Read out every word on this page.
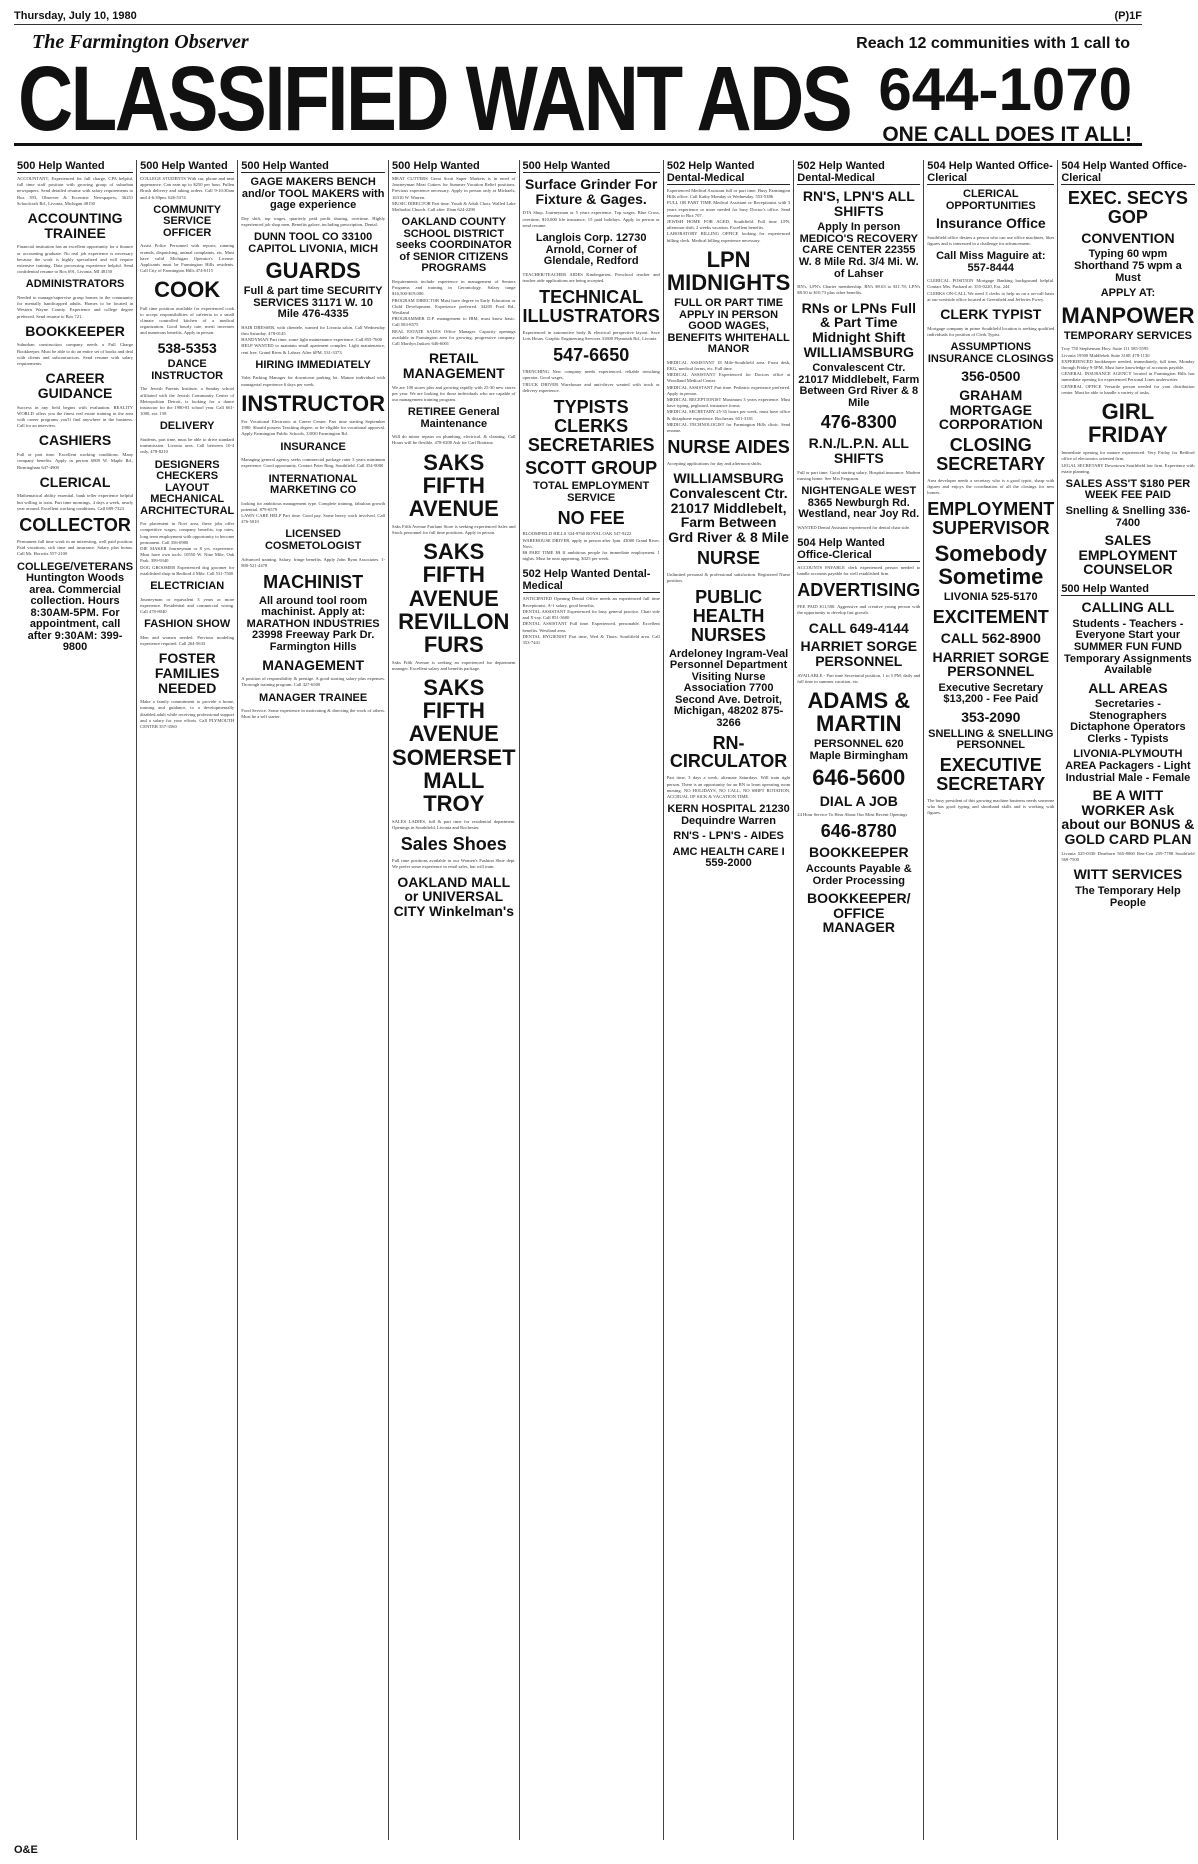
Thursday, July 10, 1980	(P)1F
The Farmington Observer
CLASSIFIED WANT ADS
Reach 12 communities with 1 call to
644-1070
ONE CALL DOES IT ALL!
500 Help Wanted
ACCOUNTANT, Experienced for full charge, CPA helpful, full time staff position with growing group of suburban newspapers. Send detailed resume with salary requirements to Box 393, Observer & Eccentric Newspapers, 36251 Schoolcraft Rd., Livonia, Michigan 48150
ACCOUNTING TRAINEE
Financial institution has an excellent opportunity for a finance or accounting graduate. No real job experience is necessary because the work is highly specialized and will require extensive training. Data processing experience helpful. Send confidential resume to Box 691, Livonia, MI 48150
ADMINISTRATORS
Needed to manage/supervise group homes in the community for mentally handicapped adults. Homes to be located in Western Wayne County. Experience and college degree preferred. Send resume to Box 721.
BOOKKEEPER
Suburban construction company needs a Full Charge Bookkeeper. Must be able to do an entire set of books and deal with clients and subcontractors. Send resume with salary requirements.
CAREER GUIDANCE
Success in any field begins with evaluation. REALITY WORLD offers you the finest real estate training in the area with career programs you'll find anywhere in the business. Call for an interview.
CASHIERS
Full or part time. Excellent working conditions. Many company benefits. Apply in person 6809 W. Maple Rd., Birmingham 647-4900
CLERICAL
Mathematical ability essential, bank teller experience helpful but willing to train. Part time mornings, 4 days a week, nearly year around. Excellent working conditions. Call 689-7323
COLLECTOR
Permanent full time work in an interesting, well paid position. Paid vacations, sick time and insurance. Salary plus bonus. Call Mr. Horwitz 557-2100
COLLEGE/VETERANS Huntington Woods area. Commercial collection. Hours 8:30AM-5PM. For appointment, call after 9:30AM: 399-9800
500 Help Wanted
COLLEGE STUDENTS With car, phone and neat appearance. Can earn up to $250 per hour. Pullen Brush delivery and taking orders. Call 9-10:30am and 4-6:30pm. 626-5374
COMMUNITY SERVICE OFFICER
Assist Police Personnel with reports, running errands, dispatching, animal complaints, etc. Must have valid Michigan Operator's License. Applicants must be Farmington Hills residents. Call City of Farmington Hills 474-6115
COOK
Full time position available for experienced cook to accept responsibilities of cafeteria in a small climate controlled kitchen of a medical organization. Good hourly rate, merit increases and numerous benefits. Apply in person.
538-5353
DANCE INSTRUCTOR
The Jewish Parents Institute, a Sunday school affiliated with the Jewish Community Center of Metropolitan Detroit, is looking for a dance instructor for the 1980-81 school year. Call 661-1000, ext. 158
DELIVERY
Students, part time, must be able to drive standard transmission. Livonia area. Call between 10-4 only, 478-8210
DESIGNERS CHECKERS LAYOUT MECHANICAL ARCHITECTURAL
For placement in Novi area, these jobs offer competitive wages, company benefits, top rates, long term employment with opportunity to become permanent. Call 356-0980
DIE MAKER Journeyman or 8 yrs. experience. Must have own tools. 10550 W. Nine Mile, Oak Park. 399-9340
DOG GROOMER Experienced dog groomer for established shop in Bedford 4 Mile. Call 531-7500
ELECTRICIAN
Journeyman or equivalent 3 years or more experience. Residential and commercial wiring. Call 478-8040
FASHION SHOW
Men and women needed. Previous modeling experience required. Call 264-5633
FOSTER FAMILIES NEEDED
Make a family commitment to provide a home, training and guidance, to a developmentally disabled adult while receiving professional support and a salary for your efforts. Call PLYMOUTH CENTER 357-3560
500 Help Wanted
GAGE MAKERS BENCH and/or TOOL MAKERS with gage experience
Day shift, top wages, quarterly paid profit sharing, overtime. Highly experienced job shop men. Benefits galore, including prescription, Dental.
DUNN TOOL CO 33100 CAPITOL LIVONIA, MICH
GUARDS
Full & part time SECURITY SERVICES 31171 W. 10 Mile 476-4335
HAIR DRESSER, with clientele, wanted for Livonia salon. Call Wednesday thru Saturday. 478-0145
HANDYMAN Part time, some light maintenance experience. Call 855-7600
HELP WANTED to maintain small apartment complex. Light maintenance, rent free. Grand River & Lahser. After 6PM. 531-3373
HIRING IMMEDIATELY
Valet Parking Manager for downtown parking lot. Mature individual with managerial experience 6 days per week.
INSTRUCTOR
For Vocational Electronic at Career Center. Part time starting September 1980. Should possess Teaching degree, or be eligible for vocational approval. Apply Farmington Public Schools, 33030 Farmington Rd.
INSURANCE
Managing general agency seeks commercial package rater 3 years minimum experience. Good opportunity. Contact Peter Ring, Southfield. Call 354-9000
INTERNATIONAL MARKETING CO
looking for ambitious management type. Complete training, fabulous growth potential. 879-6579
LAWN CARE HELP Part time. Good pay. Some heavy work involved. Call 476-5010
LICENSED COSMETOLOGIST
Advanced training. Salary, fringe benefits. Apply John Ryan Associates. 1-800-521-4478
MACHINIST
All around tool room machinist. Apply at: MARATHON INDUSTRIES 23998 Freeway Park Dr. Farmington Hills
MANAGEMENT
A position of responsibility & prestige. A good starting salary plus expenses. Thorough training program. Call 427-6500
MANAGER TRAINEE
Food Service. Some experience in motivating & directing the work of others. Must be a self starter.
500 Help Wanted
MEAT CUTTERS Great Scott Super Markets is in need of Journeyman Meat Cutters for Summer Vacation Relief positions. Previous experience necessary. Apply in person only at Michaels, 16310 W. Warren.
MUSIC DIRECTOR Part time. Youth & Adult Choir. Walled Lake Methodist Church. Call after 10am 624-2290
OAKLAND COUNTY SCHOOL DISTRICT seeks COORDINATOR of SENIOR CITIZENS PROGRAMS
Requirements include experience in management of Seniors Programs and training in Gerontology. Salary range $16,500-$19,000.
PROGRAM DIRECTOR Must have degree in Early Education or Child Development. Experience preferred. 34205 Ford Rd., Westland
PROGRAMMER D.P. management to IBM, must know basic. Call 583-8575
REAL ESTATE SALES Office Manager. Capacity openings available in Farmington area for growing, progressive company. Call Marilyn Jaskow 646-6001
RETAIL MANAGEMENT
We are 100 stores plus and growing rapidly with 25-30 new stores per year. We are looking for those individuals who are capable of our management training program.
RETIREE General Maintenance
Will do minor repairs on plumbing, electrical, & cleaning. Call Hours will be flexible. 478-0200 Ask for Carl Bottiaux
SAKS FIFTH AVENUE
Saks Fifth Avenue Fairlane Store is seeking experienced Sales and Stock personnel for full time positions. Apply in person.
SAKS FIFTH AVENUE REVILLON FURS
Saks Fifth Avenue is seeking an experienced fur department manager. Excellent salary and benefits package.
SAKS FIFTH AVENUE SOMERSET MALL TROY
SALES LADIES, full & part time for residential department. Openings in Southfield, Livonia and Rochester.
Sales Shoes
Full time positions available in our Women's Fashion Shoe dept. We prefer some experience in retail sales, but will train.
OAKLAND MALL or UNIVERSAL CITY Winkelman's
500 Help Wanted
Surface Grinder For Fixture & Gages.
DTA Shop. Journeyman or 5 years experience. Top wages, Blue Cross, overtime, $10,000 life insurance, 15 paid holidays. Apply in person or send resume.
Langlois Corp. 12730 Arnold, Corner of Glendale, Redford
TEACHER/TEACHER AIDES Kindergarten, Preschool teacher and teacher aide applications are being accepted.
TECHNICAL ILLUSTRATORS
Experienced in automotive body & electrical perspective layout. Save Lots Hours. Graphic Engineering Services 31800 Plymouth Rd., Livonia
547-6650
TRENCHING New company needs experienced, reliable trenching operator. Good wages.
TRUCK DRIVER Warehouse and anti-driver wanted with truck or delivery experience.
TYPISTS CLERKS SECRETARIES
SCOTT GROUP
TOTAL EMPLOYMENT SERVICE
NO FEE
BLOOMFIELD HILLS 334-9760 ROYAL OAK 547-9222
WAREHOUSE DRIVER, apply in person after 1pm. 43000 Grand River, Novi.
$$ PART TIME $$ If ambitious people for immediate employment. 1 nights. Must be neat appearing. $325 per week.
502 Help Wanted Dental-Medical
ANTICIPATED Opening Dental Office needs an experienced full time Receptionist. A-1 salary, good benefits.
DENTAL ASSISTANT Experienced for busy general practice. Chair side and X-ray. Call 851-3600
DENTAL ASSISTANT Full time. Experienced, personable. Excellent benefits. Westland area.
DENTAL HYGIENIST Part time, Wed & Thurs. Southfield area. Call 353-7441
502 Help Wanted Dental-Medical
Experienced Medical Assistant full or part time. Busy Farmington Hills office. Call Kathy Monday or Wednesday. 553-5386
FULL OR PART TIME Medical Assistant or Receptionist with 3 years experience or more needed for busy Doctor's office. Send resume to Box 707.
JEWISH HOME FOR AGED, Southfield. Full time LPN, afternoon shift, 2 weeks vacation. Excellent benefits.
LABORATORY BILLING OFFICE looking for experienced billing clerk. Medical billing experience necessary.
LPN MIDNIGHTS
FULL OR PART TIME APPLY IN PERSON GOOD WAGES, BENEFITS WHITEHALL MANOR
MEDICAL ASSISTANT 18 Mile-Southfield area. Front desk, EKG, medical forms, etc. Full time.
MEDICAL ASSISTANT Experienced for Doctors office at Woodland Medical Center.
MEDICAL ASSISTANT Part time. Pediatric experience preferred. Apply in person.
MEDICAL RECEPTIONIST Maximum 3 years experience. Must have typing, pegboard, insurance forms.
MEDICAL SECRETARY 25-35 hours per week, must have office & dictaphone experience. Rochester. 651-3181
MEDICAL TECHNOLOGIST for Farmington Hills clinic. Send resume.
NURSE AIDES
Accepting applications for day and afternoon shifts.
WILLIAMSBURG Convalescent Ctr. 21017 Middlebelt, Farm Between Grd River & 8 Mile
NURSE
Unlimited personal & professional satisfaction. Registered Nurse position.
PUBLIC HEALTH NURSES
Ardeloney Ingram-Veal Personnel Department Visiting Nurse Association 7700 Second Ave. Detroit, Michigan, 48202 875-3266
RN-CIRCULATOR
Part time, 3 days a week, alternate Saturdays. Will train right person. There is an opportunity for an RN to learn operating room nursing. NO HOLIDAYS, NO CALL, NO SHIFT ROTATION, ACCRUAL OF SICK & VACATION TIME.
KERN HOSPITAL 21230 Dequindre Warren
RN'S - LPN'S - AIDES
AMC HEALTH CARE I 559-2000
502 Help Wanted Dental-Medical
RN'S, LPN'S ALL SHIFTS
Apply In person MEDICO'S RECOVERY CARE CENTER 22355 W. 8 Mile Rd. 3/4 Mi. W. of Lahser
RN's, LPN's Charter membership. RN's $9.63 to $11.78; LPN's $8.50 to $10.73 plus other benefits.
RNs or LPNs Full & Part Time Midnight Shift WILLIAMSBURG
Convalescent Ctr. 21017 Middlebelt, Farm Between Grd River & 8 Mile
476-8300
R.N./L.P.N. ALL SHIFTS
Full or part time. Good starting salary. Hospital insurance. Modern nursing home. See Mrs Ferguson.
NIGHTENGALE WEST 8365 Newburgh Rd. Westland, near Joy Rd.
WANTED Dental Assistant experienced for dental chair side.
504 Help Wanted Office-Clerical
ACCOUNTS PAYABLE clerk experienced person needed to handle accounts payable for well established firm.
ADVERTISING
FEE PAID $11,500. Aggressive and creative young person with the opportunity to develop fast growth.
CALL 649-4144
HARRIET SORGE PERSONNEL
AVAILABLE - Part time Secretarial position, 1 to 5 PM, daily and full time in summer vacation, etc.
ADAMS & MARTIN
PERSONNEL 620 Maple Birmingham
646-5600
DIAL A JOB
24 Hour Service To Hear About Our Most Recent Openings
646-8780
BOOKKEEPER
Accounts Payable & Order Processing
BOOKKEEPER/ OFFICE MANAGER
504 Help Wanted Office-Clerical
CLERICAL OPPORTUNITIES
Insurance Office
Southfield office desires a person who can use office machines, likes figures and is interested in a challenge for advancement.
Call Miss Maguire at: 557-8444
CLERICAL POSITION Mortgage Banking background helpful. Contact Mrs. Packard at: 355-0220, Ext. 244
CLERKS ON-CALL We need 3 clerks to help us on a on-call basis at our westside office located at Greenfield and Jefferies Fwwy.
CLERK TYPIST
Mortgage company in prime Southfield location is seeking qualified individuals for position of Clerk Typist.
ASSUMPTIONS INSURANCE CLOSINGS
356-0500
GRAHAM MORTGAGE CORPORATION
CLOSING SECRETARY
Area developer needs a secretary who is a good typist, sharp with figures and enjoys the coordination of all the closings for new homes.
EMPLOYMENT SUPERVISOR
Somebody Sometime
LIVONIA 525-5170
EXCITEMENT
CALL 562-8900
HARRIET SORGE PERSONNEL
Executive Secretary $13,200 - Fee Paid
353-2090
SNELLING & SNELLING PERSONNEL
EXECUTIVE SECRETARY
The busy president of this growing machine business needs someone who has good typing and shorthand skills and is working with figures.
504 Help Wanted Office-Clerical
EXEC. SECYS GOP
CONVENTION
Typing 60 wpm Shorthand 75 wpm a Must
APPLY AT:
MANPOWER
TEMPORARY SERVICES
Troy 750 Stephenson Hwy. Suite 111 585-5595
Livonia 19500 Middlebelt Suite 310E 478-1130
EXPERIENCED bookkeeper needed, immediately, full time, Monday through Friday 9-5PM. Must have knowledge of accounts payable.
GENERAL INSURANCE AGENCY located in Farmington Hills has immediate opening for experienced Personal Lines underwriter.
GENERAL OFFICE Versatile person needed for yarn distribution center. Must be able to handle a variety of tasks.
GIRL FRIDAY
Immediate opening for mature experienced. Very Friday for Redford office of electronics oriented firm.
LEGAL SECRETARY Downtown Southfield law firm. Experience with estate planning.
SALES ASS'T $180 PER WEEK FEE PAID
Snelling & Snelling 336-7400
SALES EMPLOYMENT COUNSELOR
500 Help Wanted
CALLING ALL
Students - Teachers - Everyone Start your SUMMER FUN FUND Temporary Assignments Available
ALL AREAS
Secretaries - Stenographers Dictaphone Operators Clerks - Typists
LIVONIA-PLYMOUTH AREA Packagers - Light Industrial Male - Female
BE A WITT WORKER Ask about our BONUS & GOLD CARD PLAN
Livonia 525-0330 Dearborn 565-8060 Ren-Cen 259-7788 Southfield 569-7500
WITT SERVICES
The Temporary Help People
O&E
